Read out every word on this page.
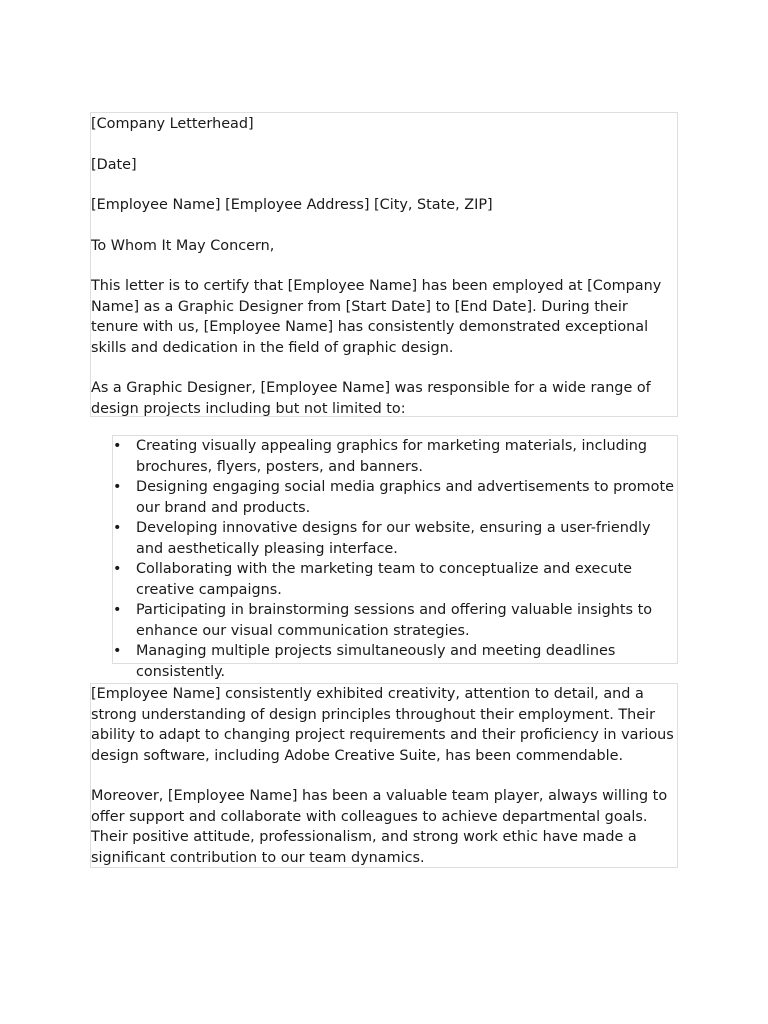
[Company Letterhead]

[Date]

[Employee Name] [Employee Address] [City, State, ZIP]

To Whom It May Concern,

This letter is to certify that [Employee Name] has been employed at [Company Name] as a Graphic Designer from [Start Date] to [End Date]. During their tenure with us, [Employee Name] has consistently demonstrated exceptional skills and dedication in the field of graphic design.

As a Graphic Designer, [Employee Name] was responsible for a wide range of design projects including but not limited to:

• Creating visually appealing graphics for marketing materials, including brochures, flyers, posters, and banners.
• Designing engaging social media graphics and advertisements to promote our brand and products.
• Developing innovative designs for our website, ensuring a user-friendly and aesthetically pleasing interface.
• Collaborating with the marketing team to conceptualize and execute creative campaigns.
• Participating in brainstorming sessions and offering valuable insights to enhance our visual communication strategies.
• Managing multiple projects simultaneously and meeting deadlines consistently.

[Employee Name] consistently exhibited creativity, attention to detail, and a strong understanding of design principles throughout their employment. Their ability to adapt to changing project requirements and their proficiency in various design software, including Adobe Creative Suite, has been commendable.

Moreover, [Employee Name] has been a valuable team player, always willing to offer support and collaborate with colleagues to achieve departmental goals. Their positive attitude, professionalism, and strong work ethic have made a significant contribution to our team dynamics.
